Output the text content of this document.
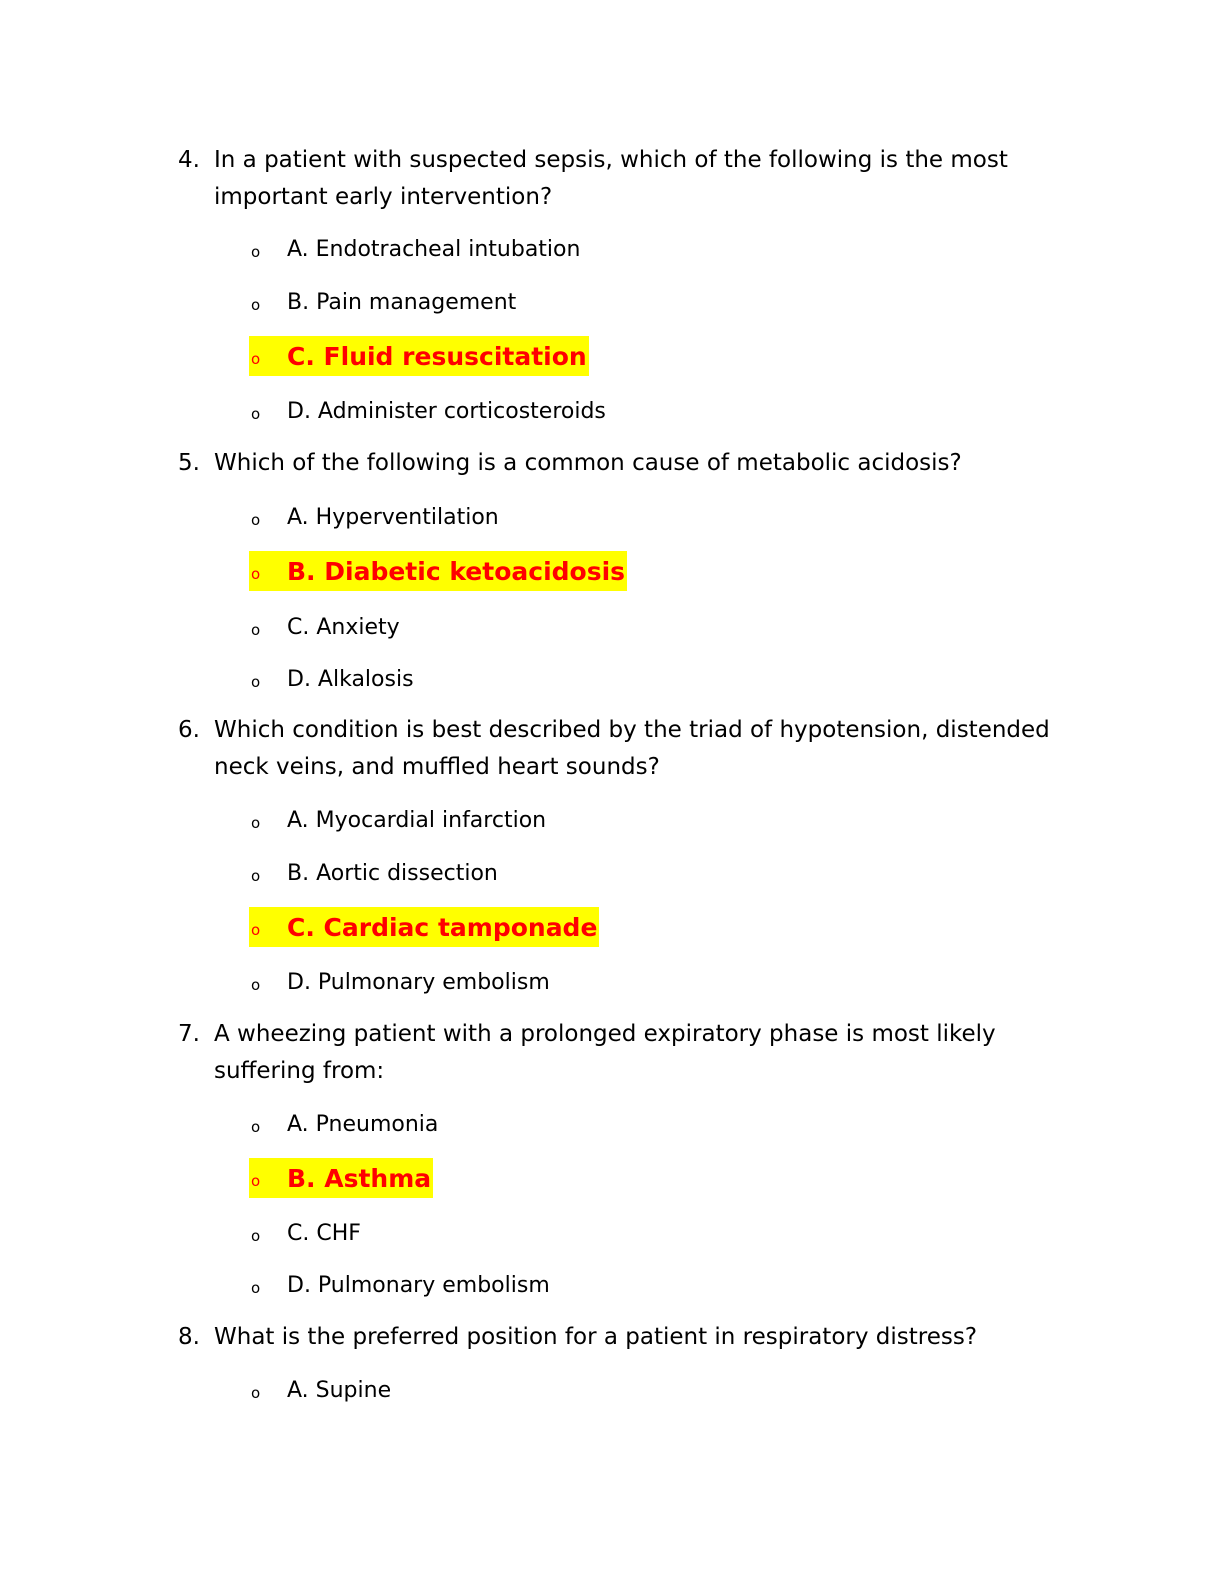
4. In a patient with suspected sepsis, which of the following is the most important early intervention?
o	A. Endotracheal intubation
o	B. Pain management
o	C. Fluid resuscitation
o	D. Administer corticosteroids
5. Which of the following is a common cause of metabolic acidosis?
o	A. Hyperventilation
o	B. Diabetic ketoacidosis
o	C. Anxiety
o	D. Alkalosis
6. Which condition is best described by the triad of hypotension, distended neck veins, and muffled heart sounds?
o	A. Myocardial infarction
o	B. Aortic dissection
o	C. Cardiac tamponade
o	D. Pulmonary embolism
7. A wheezing patient with a prolonged expiratory phase is most likely suffering from:
o	A. Pneumonia
o	B. Asthma
o	C. CHF
o	D. Pulmonary embolism
8. What is the preferred position for a patient in respiratory distress?
o	A. Supine
